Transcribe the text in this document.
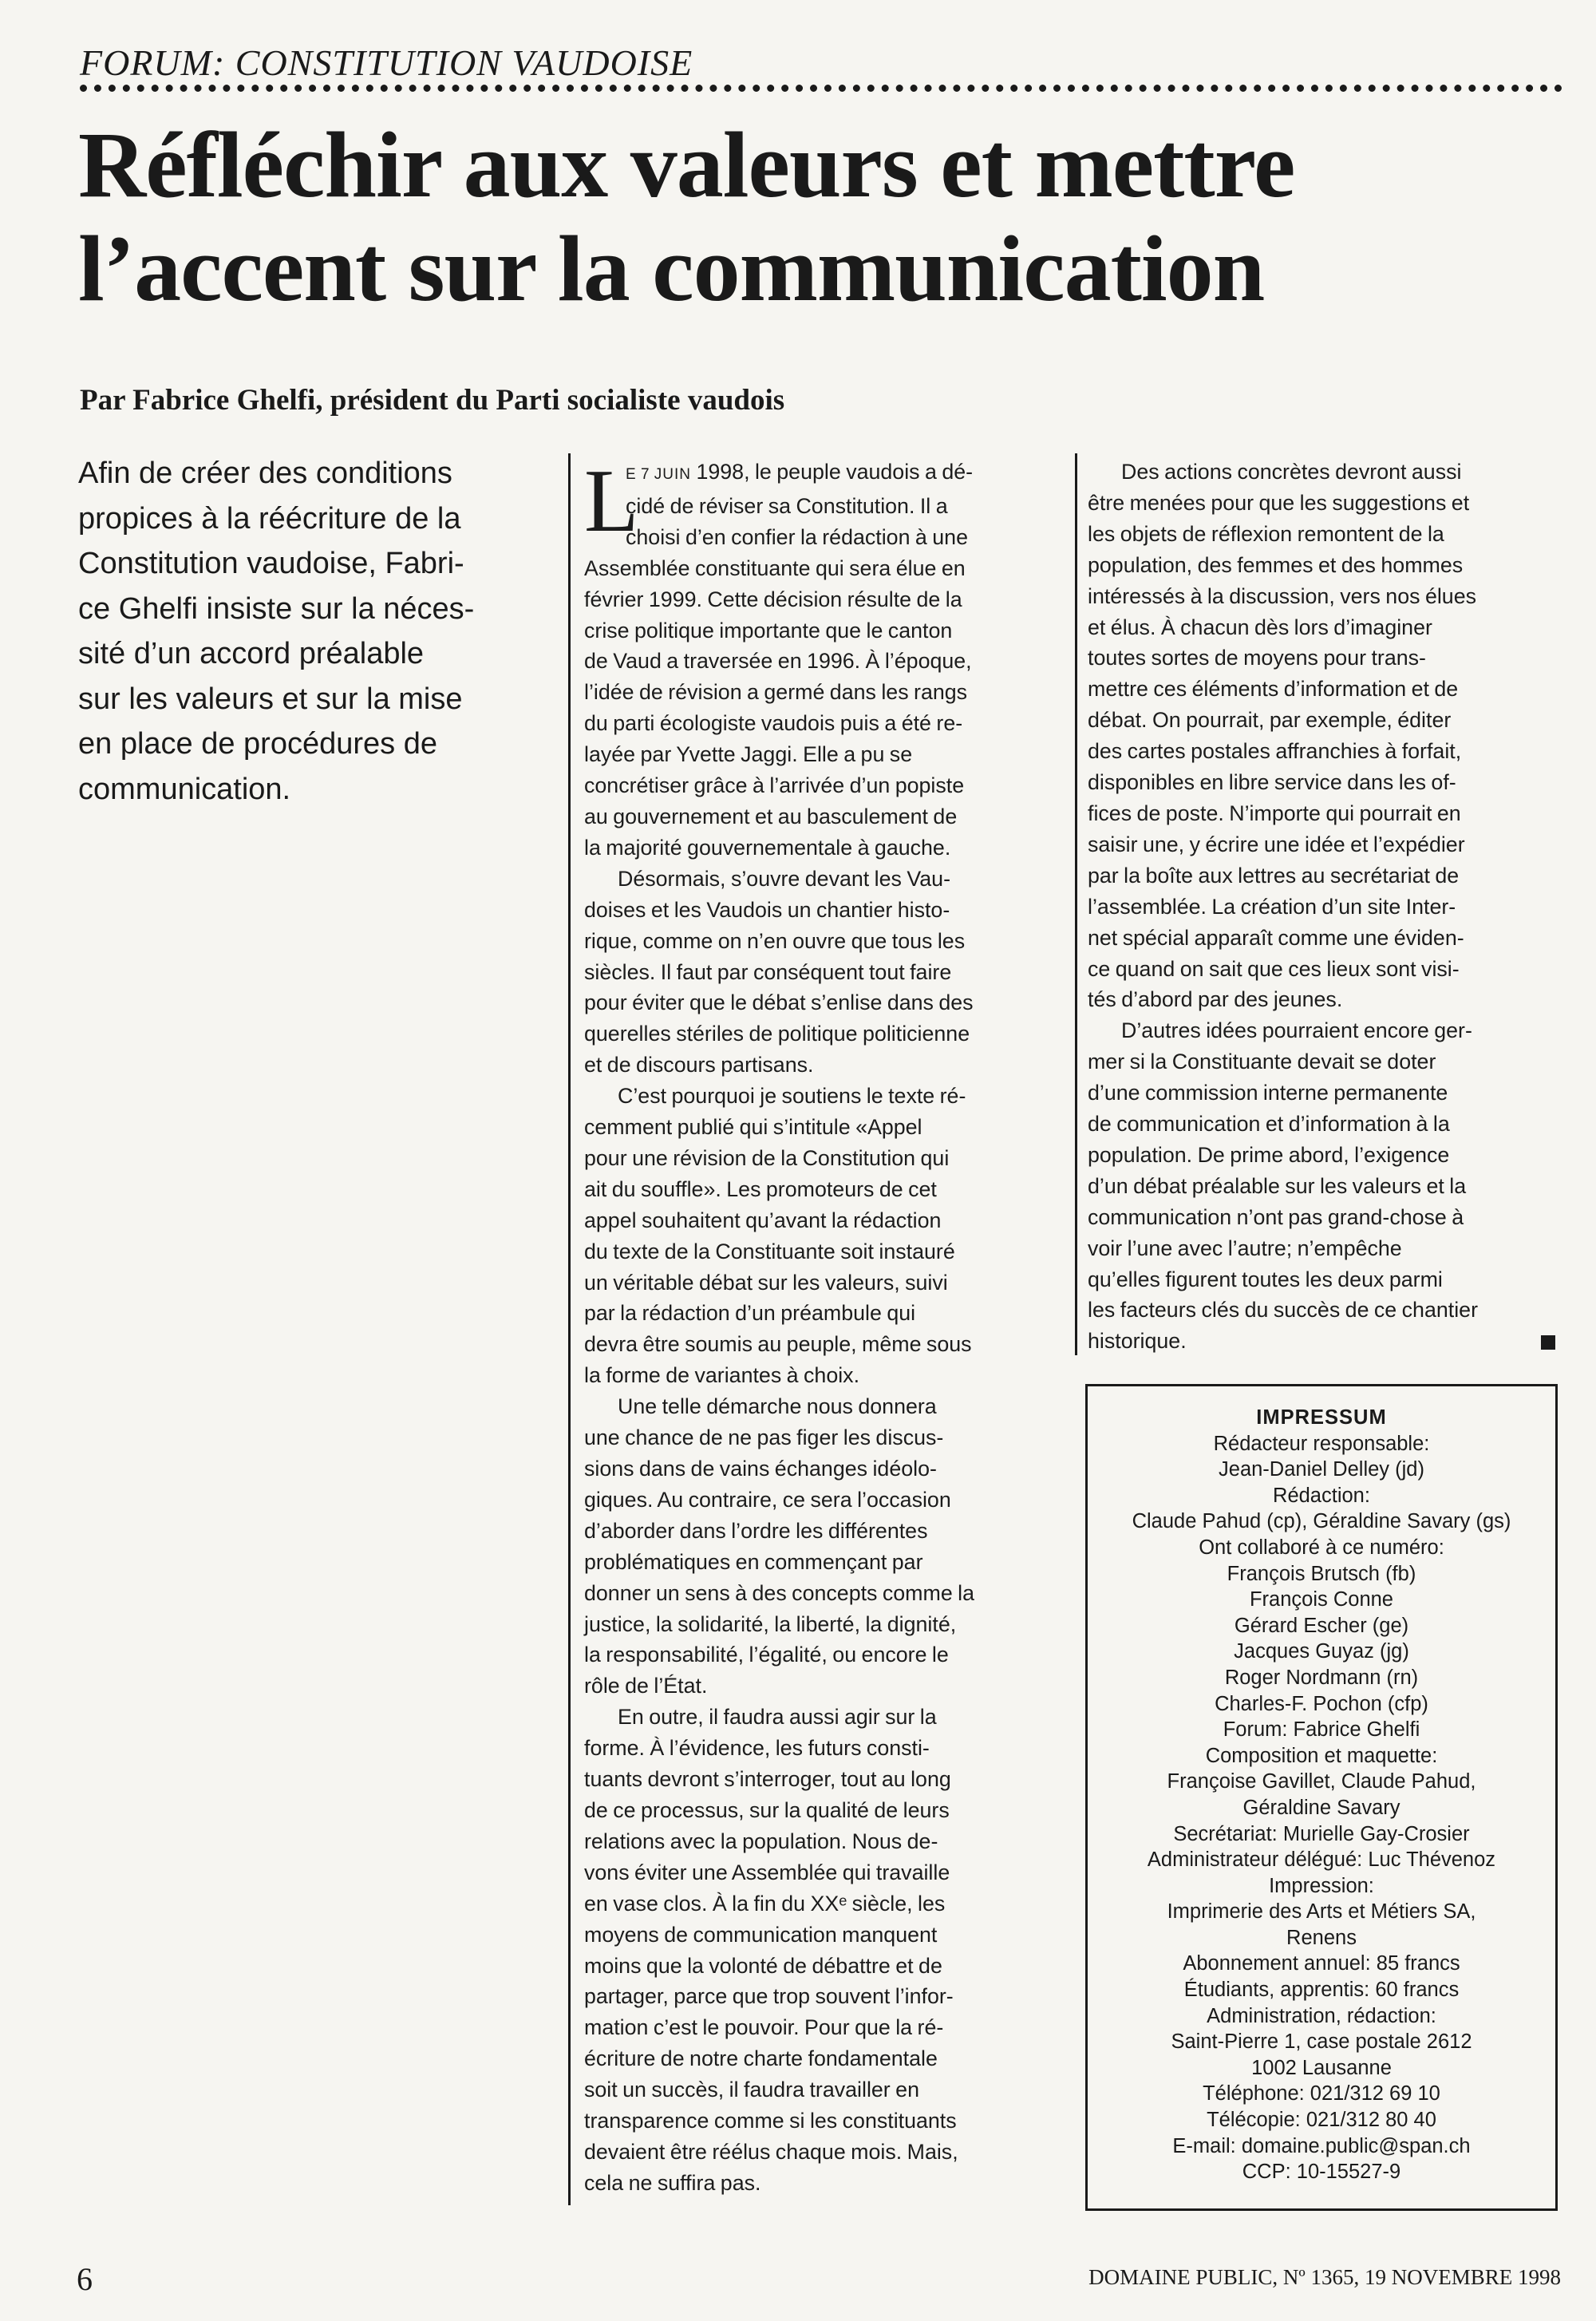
FORUM: CONSTITUTION VAUDOISE
Réfléchir aux valeurs et mettre
l’accent sur la communication
Par Fabrice Ghelfi, président du Parti socialiste vaudois
Afin de créer des conditions
propices à la réécriture de la
Constitution vaudoise, Fabri-
ce Ghelfi insiste sur la néces-
sité d’un accord préalable
sur les valeurs et sur la mise
en place de procédures de
communication.
L
E 7 JUIN 1998, le peuple vaudois a dé-
cidé de réviser sa Constitution. Il a
choisi d’en confier la rédaction à une
Assemblée constituante qui sera élue en
février 1999. Cette décision résulte de la
crise politique importante que le canton
de Vaud a traversée en 1996. À l’époque,
l’idée de révision a germé dans les rangs
du parti écologiste vaudois puis a été re-
layée par Yvette Jaggi. Elle a pu se
concrétiser grâce à l’arrivée d’un popiste
au gouvernement et au basculement de
la majorité gouvernementale à gauche.
Désormais, s’ouvre devant les Vau-
doises et les Vaudois un chantier histo-
rique, comme on n’en ouvre que tous les
siècles. Il faut par conséquent tout faire
pour éviter que le débat s’enlise dans des
querelles stériles de politique politicienne
et de discours partisans.
C’est pourquoi je soutiens le texte ré-
cemment publié qui s’intitule «Appel
pour une révision de la Constitution qui
ait du souffle». Les promoteurs de cet
appel souhaitent qu’avant la rédaction
du texte de la Constituante soit instauré
un véritable débat sur les valeurs, suivi
par la rédaction d’un préambule qui
devra être soumis au peuple, même sous
la forme de variantes à choix.
Une telle démarche nous donnera
une chance de ne pas figer les discus-
sions dans de vains échanges idéolo-
giques. Au contraire, ce sera l’occasion
d’aborder dans l’ordre les différentes
problématiques en commençant par
donner un sens à des concepts comme la
justice, la solidarité, la liberté, la dignité,
la responsabilité, l’égalité, ou encore le
rôle de l’État.
En outre, il faudra aussi agir sur la
forme. À l’évidence, les futurs consti-
tuants devront s’interroger, tout au long
de ce processus, sur la qualité de leurs
relations avec la population. Nous de-
vons éviter une Assemblée qui travaille
en vase clos. À la fin du XXᵉ siècle, les
moyens de communication manquent
moins que la volonté de débattre et de
partager, parce que trop souvent l’infor-
mation c’est le pouvoir. Pour que la ré-
écriture de notre charte fondamentale
soit un succès, il faudra travailler en
transparence comme si les constituants
devaient être réélus chaque mois. Mais,
cela ne suffira pas.
Des actions concrètes devront aussi
être menées pour que les suggestions et
les objets de réflexion remontent de la
population, des femmes et des hommes
intéressés à la discussion, vers nos élues
et élus. À chacun dès lors d’imaginer
toutes sortes de moyens pour trans-
mettre ces éléments d’information et de
débat. On pourrait, par exemple, éditer
des cartes postales affranchies à forfait,
disponibles en libre service dans les of-
fices de poste. N’importe qui pourrait en
saisir une, y écrire une idée et l’expédier
par la boîte aux lettres au secrétariat de
l’assemblée. La création d’un site Inter-
net spécial apparaît comme une éviden-
ce quand on sait que ces lieux sont visi-
tés d’abord par des jeunes.
D’autres idées pourraient encore ger-
mer si la Constituante devait se doter
d’une commission interne permanente
de communication et d’information à la
population. De prime abord, l’exigence
d’un débat préalable sur les valeurs et la
communication n’ont pas grand-chose à
voir l’une avec l’autre; n’empêche
qu’elles figurent toutes les deux parmi
les facteurs clés du succès de ce chantier
historique.
IMPRESSUM
Rédacteur responsable:
Jean-Daniel Delley (jd)
Rédaction:
Claude Pahud (cp), Géraldine Savary (gs)
Ont collaboré à ce numéro:
François Brutsch (fb)
François Conne
Gérard Escher (ge)
Jacques Guyaz (jg)
Roger Nordmann (rn)
Charles-F. Pochon (cfp)
Forum: Fabrice Ghelfi
Composition et maquette:
Françoise Gavillet, Claude Pahud,
Géraldine Savary
Secrétariat: Murielle Gay-Crosier
Administrateur délégué: Luc Thévenoz
Impression:
Imprimerie des Arts et Métiers SA,
Renens
Abonnement annuel: 85 francs
Étudiants, apprentis: 60 francs
Administration, rédaction:
Saint-Pierre 1, case postale 2612
1002 Lausanne
Téléphone: 021/312 69 10
Télécopie: 021/312 80 40
E-mail: domaine.public@span.ch
CCP: 10-15527-9
6	DOMAINE PUBLIC, Nº 1365, 19 NOVEMBRE 1998
